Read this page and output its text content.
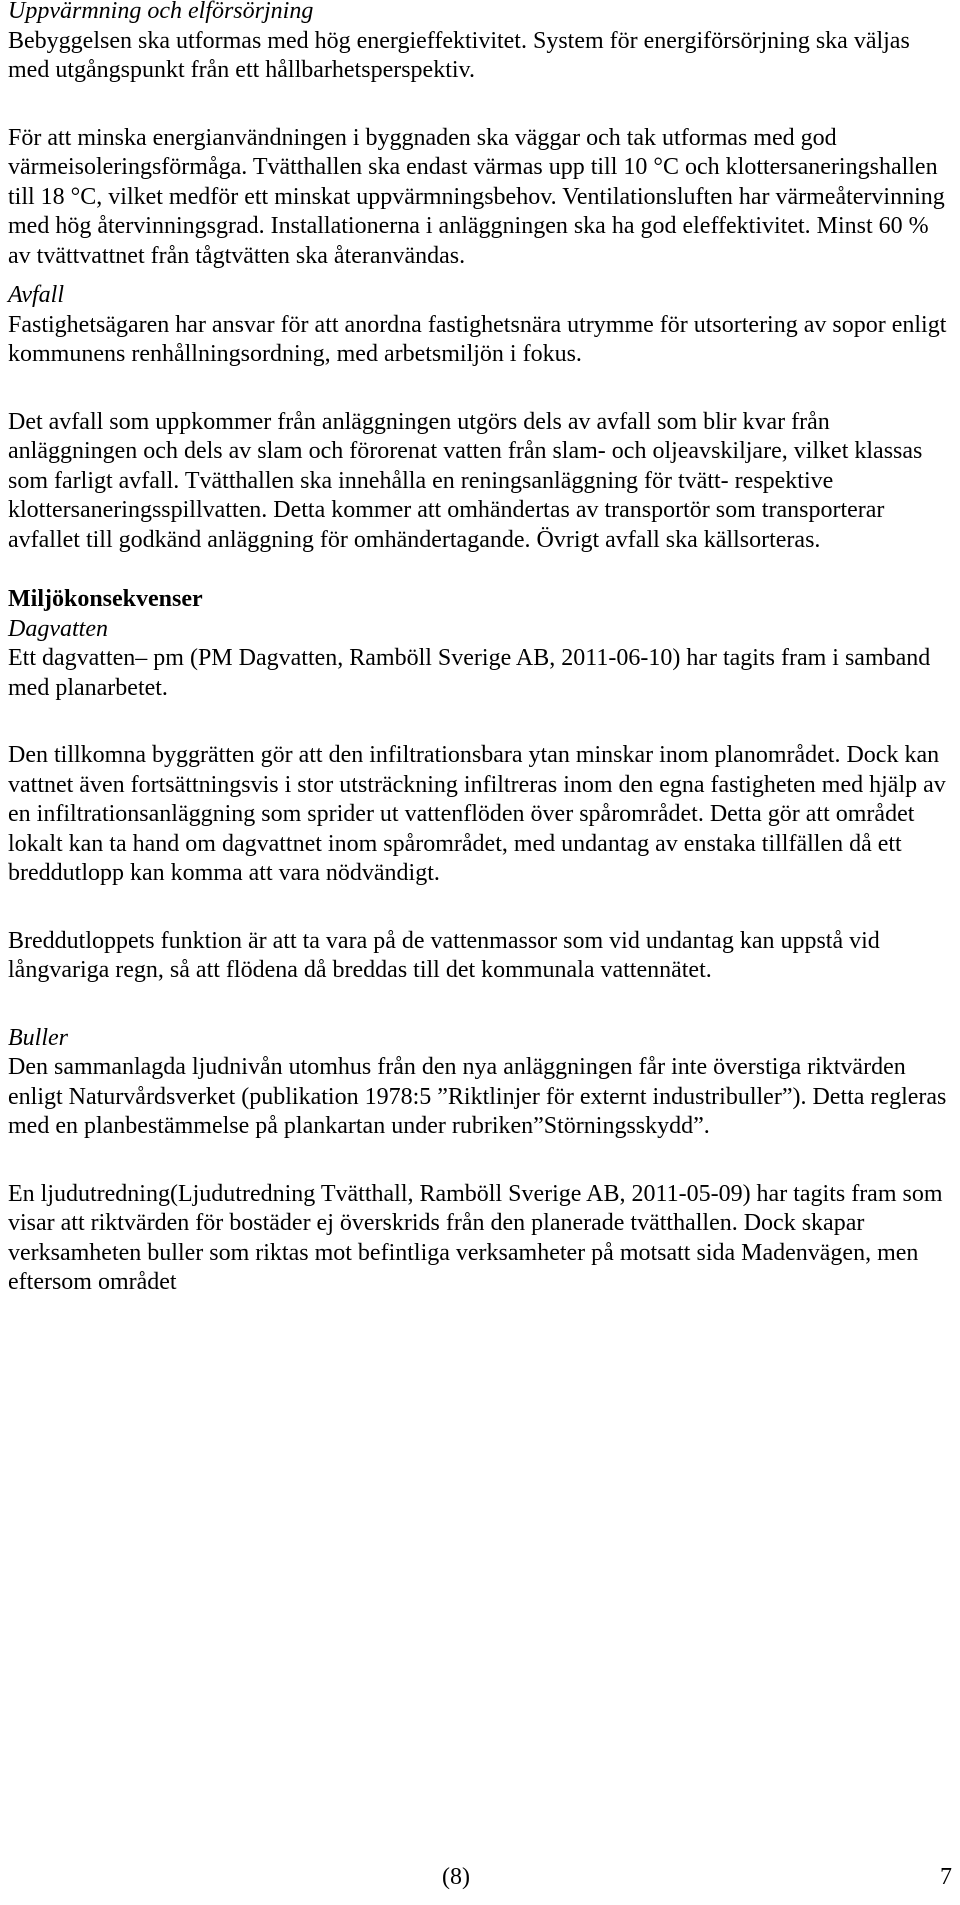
Uppvärmning och elförsörjning

Bebyggelsen ska utformas med hög energieffektivitet. System för energiförsörjning ska väljas med utgångspunkt från ett hållbarhetsperspektiv.

För att minska energianvändningen i byggnaden ska väggar och tak utformas med god värmeisoleringsförmåga. Tvätthallen ska endast värmas upp till 10 °C och klottersaneringshallen till 18 °C, vilket medför ett minskat uppvärmningsbehov. Ventilationsluften har värmeåtervinning med hög återvinningsgrad. Installationerna i anläggningen ska ha god eleffektivitet. Minst 60 % av tvättvattnet från tågtvätten ska återanvändas.

Avfall

Fastighetsägaren har ansvar för att anordna fastighetsnära utrymme för utsortering av sopor enligt kommunens renhållningsordning, med arbetsmiljön i fokus.

Det avfall som uppkommer från anläggningen utgörs dels av avfall som blir kvar från anläggningen och dels av slam och förorenat vatten från slam- och oljeavskiljare, vilket klassas som farligt avfall. Tvätthallen ska innehålla en reningsanläggning för tvätt- respektive klottersaneringsspillvatten. Detta kommer att omhändertas av transportör som transporterar avfallet till godkänd anläggning för omhändertagande. Övrigt avfall ska källsorteras.

Miljökonsekvenser
Dagvatten

Ett dagvatten– pm (PM Dagvatten, Ramböll Sverige AB, 2011-06-10) har tagits fram i samband med planarbetet.

Den tillkomna byggrätten gör att den infiltrationsbara ytan minskar inom planområdet. Dock kan vattnet även fortsättningsvis i stor utsträckning infiltreras inom den egna fastigheten med hjälp av en infiltrationsanläggning som sprider ut vattenflöden över spårområdet. Detta gör att området lokalt kan ta hand om dagvattnet inom spårområdet, med undantag av enstaka tillfällen då ett breddutlopp kan komma att vara nödvändigt.

Breddutloppets funktion är att ta vara på de vattenmassor som vid undantag kan uppstå vid långvariga regn, så att flödena då breddas till det kommunala vattennätet.

Buller

Den sammanlagda ljudnivån utomhus från den nya anläggningen får inte överstiga riktvärden enligt Naturvårdsverket (publikation 1978:5 ”Riktlinjer för externt industribuller”). Detta regleras med en planbestämmelse på plankartan under rubriken”Störningsskydd”.

En ljudutredning(Ljudutredning Tvätthall, Ramböll Sverige AB, 2011-05-09) har tagits fram som visar att riktvärden för bostäder ej överskrids från den planerade tvätthallen. Dock skapar verksamheten buller som riktas mot befintliga verksamheter på motsatt sida Madenvägen, men eftersom området

(8)	7
